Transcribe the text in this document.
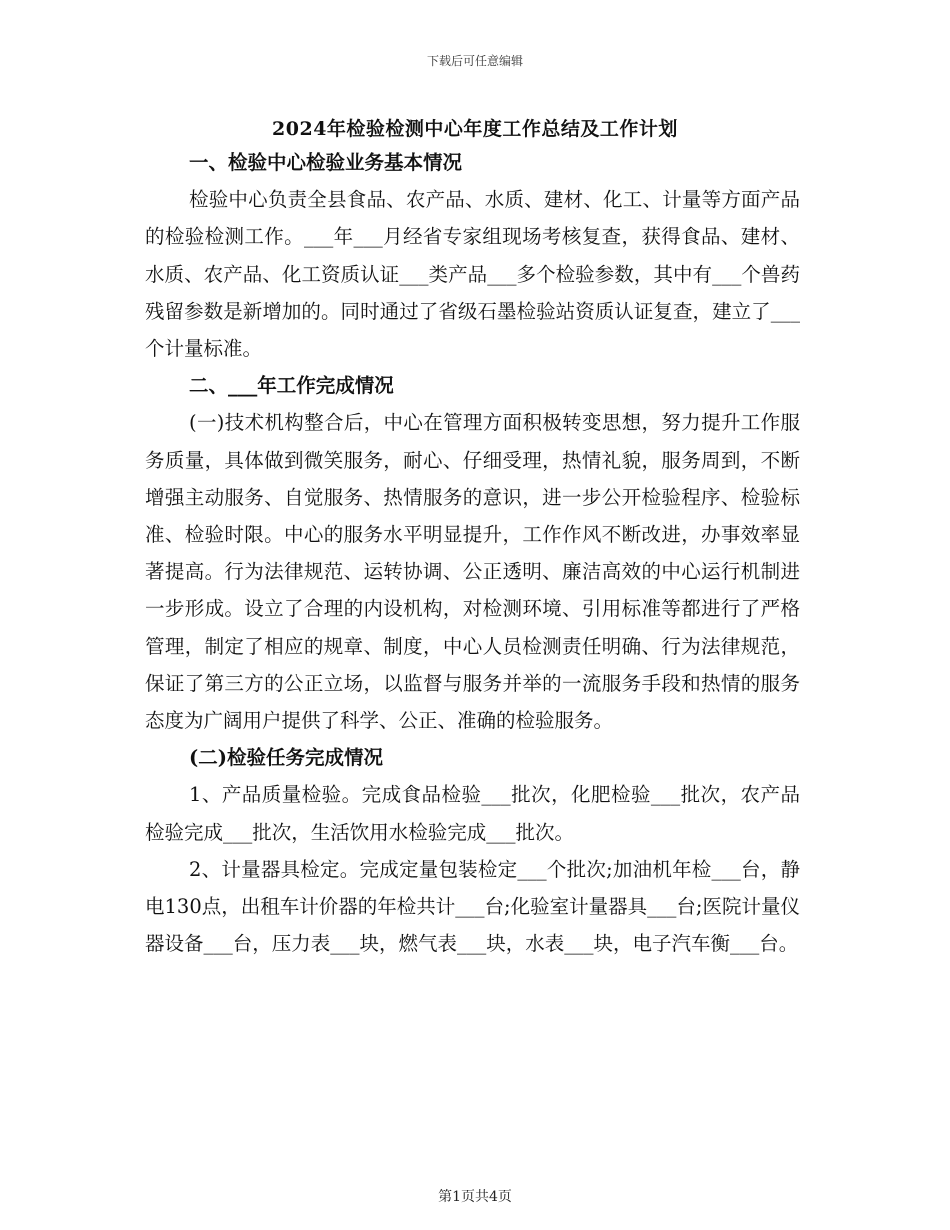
下载后可任意编辑
2024年检验检测中心年度工作总结及工作计划
一、检验中心检验业务基本情况
检验中心负责全县食品、农产品、水质、建材、化工、计量等方面产品的检验检测工作。___年___月经省专家组现场考核复查，获得食品、建材、水质、农产品、化工资质认证___类产品___多个检验参数，其中有___个兽药残留参数是新增加的。同时通过了省级石墨检验站资质认证复查，建立了___个计量标准。
二、___年工作完成情况
(一)技术机构整合后，中心在管理方面积极转变思想，努力提升工作服务质量，具体做到微笑服务，耐心、仔细受理，热情礼貌，服务周到，不断增强主动服务、自觉服务、热情服务的意识，进一步公开检验程序、检验标准、检验时限。中心的服务水平明显提升，工作作风不断改进，办事效率显著提高。行为法律规范、运转协调、公正透明、廉洁高效的中心运行机制进一步形成。设立了合理的内设机构，对检测环境、引用标准等都进行了严格管理，制定了相应的规章、制度，中心人员检测责任明确、行为法律规范，保证了第三方的公正立场，以监督与服务并举的一流服务手段和热情的服务态度为广阔用户提供了科学、公正、准确的检验服务。
(二)检验任务完成情况
1、产品质量检验。完成食品检验___批次，化肥检验___批次，农产品检验完成___批次，生活饮用水检验完成___批次。
2、计量器具检定。完成定量包装检定___个批次;加油机年检___台，静电130点，出租车计价器的年检共计___台;化验室计量器具___台;医院计量仪器设备___台，压力表___块，燃气表___块，水表___块，电子汽车衡___台。
第1页共4页
